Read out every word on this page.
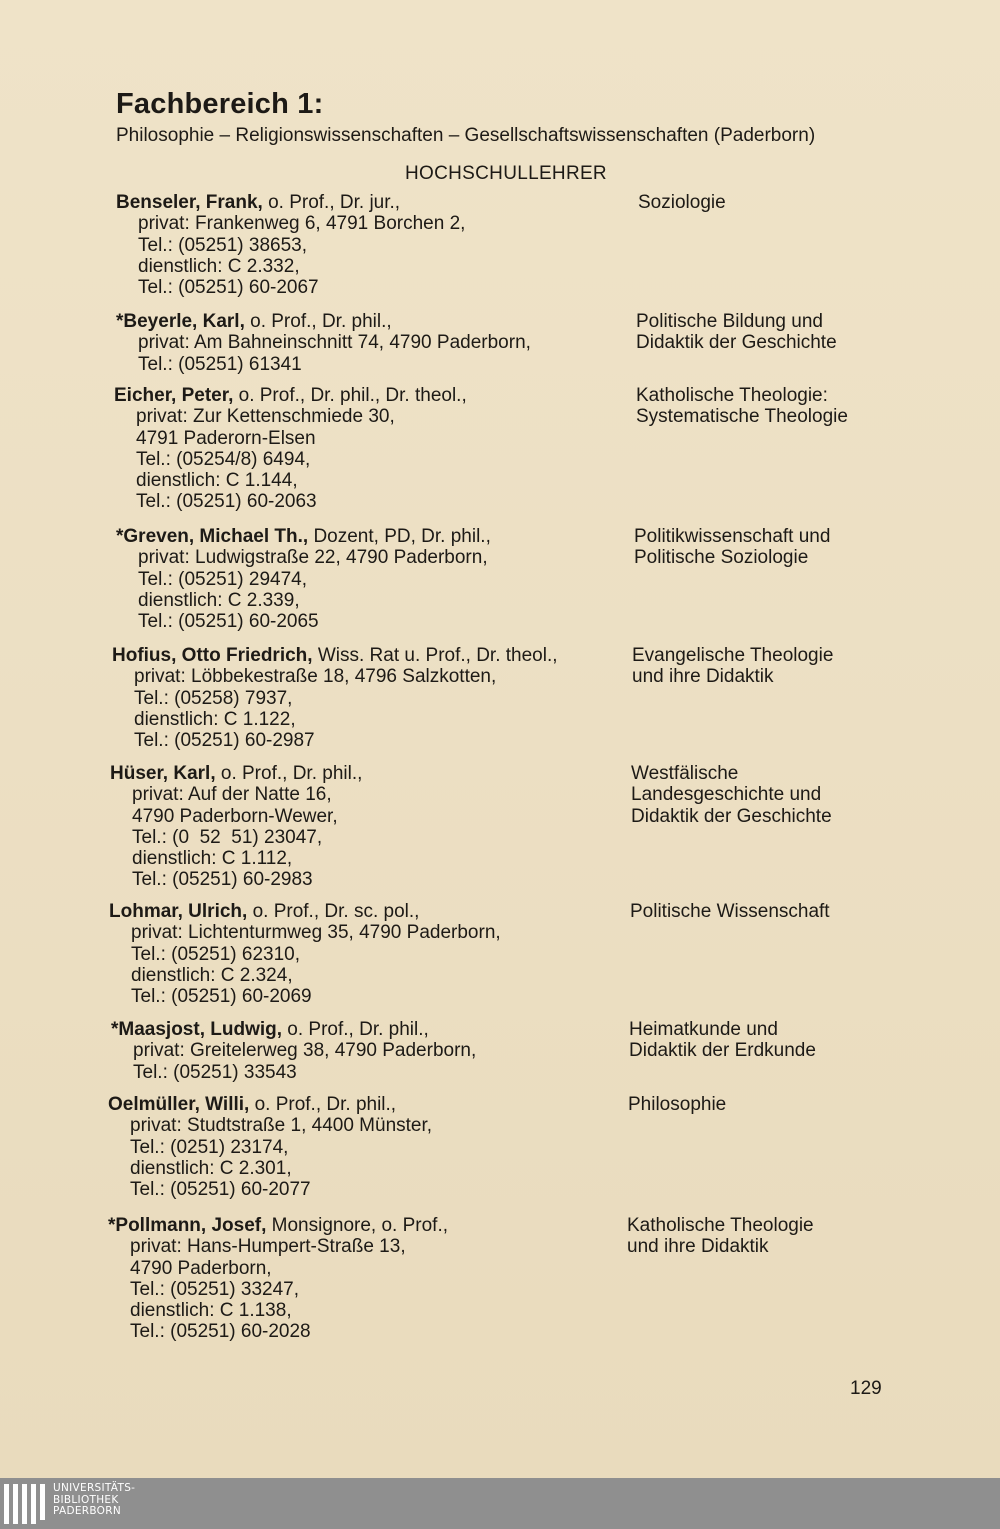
Fachbereich 1:
Philosophie – Religionswissenschaften – Gesellschaftswissenschaften (Paderborn)
HOCHSCHULLEHRER
Benseler, Frank, o. Prof., Dr. jur.,
privat: Frankenweg 6, 4791 Borchen 2,
Tel.: (05251) 38653,
dienstlich: C 2.332,
Tel.: (05251) 60-2067
Soziologie
*Beyerle, Karl, o. Prof., Dr. phil.,
privat: Am Bahneinschnitt 74, 4790 Paderborn,
Tel.: (05251) 61341
Politische Bildung und
Didaktik der Geschichte
Eicher, Peter, o. Prof., Dr. phil., Dr. theol.,
privat: Zur Kettenschmiede 30,
4791 Paderorn-Elsen
Tel.: (05254/8) 6494,
dienstlich: C 1.144,
Tel.: (05251) 60-2063
Katholische Theologie:
Systematische Theologie
*Greven, Michael Th., Dozent, PD, Dr. phil.,
privat: Ludwigstraße 22, 4790 Paderborn,
Tel.: (05251) 29474,
dienstlich: C 2.339,
Tel.: (05251) 60-2065
Politikwissenschaft und
Politische Soziologie
Hofius, Otto Friedrich, Wiss. Rat u. Prof., Dr. theol.,
privat: Löbbekestraße 18, 4796 Salzkotten,
Tel.: (05258) 7937,
dienstlich: C 1.122,
Tel.: (05251) 60-2987
Evangelische Theologie
und ihre Didaktik
Hüser, Karl, o. Prof., Dr. phil.,
privat: Auf der Natte 16,
4790 Paderborn-Wewer,
Tel.: (0  52  51) 23047,
dienstlich: C 1.112,
Tel.: (05251) 60-2983
Westfälische
Landesgeschichte und
Didaktik der Geschichte
Lohmar, Ulrich, o. Prof., Dr. sc. pol.,
privat: Lichtenturmweg 35, 4790 Paderborn,
Tel.: (05251) 62310,
dienstlich: C 2.324,
Tel.: (05251) 60-2069
Politische Wissenschaft
*Maasjost, Ludwig, o. Prof., Dr. phil.,
privat: Greitelerweg 38, 4790 Paderborn,
Tel.: (05251) 33543
Heimatkunde und
Didaktik der Erdkunde
Oelmüller, Willi, o. Prof., Dr. phil.,
privat: Studtstraße 1, 4400 Münster,
Tel.: (0251) 23174,
dienstlich: C 2.301,
Tel.: (05251) 60-2077
Philosophie
*Pollmann, Josef, Monsignore, o. Prof.,
privat: Hans-Humpert-Straße 13,
4790 Paderborn,
Tel.: (05251) 33247,
dienstlich: C 1.138,
Tel.: (05251) 60-2028
Katholische Theologie
und ihre Didaktik
129
UNIVERSITÄTS-
BIBLIOTHEK
PADERBORN
